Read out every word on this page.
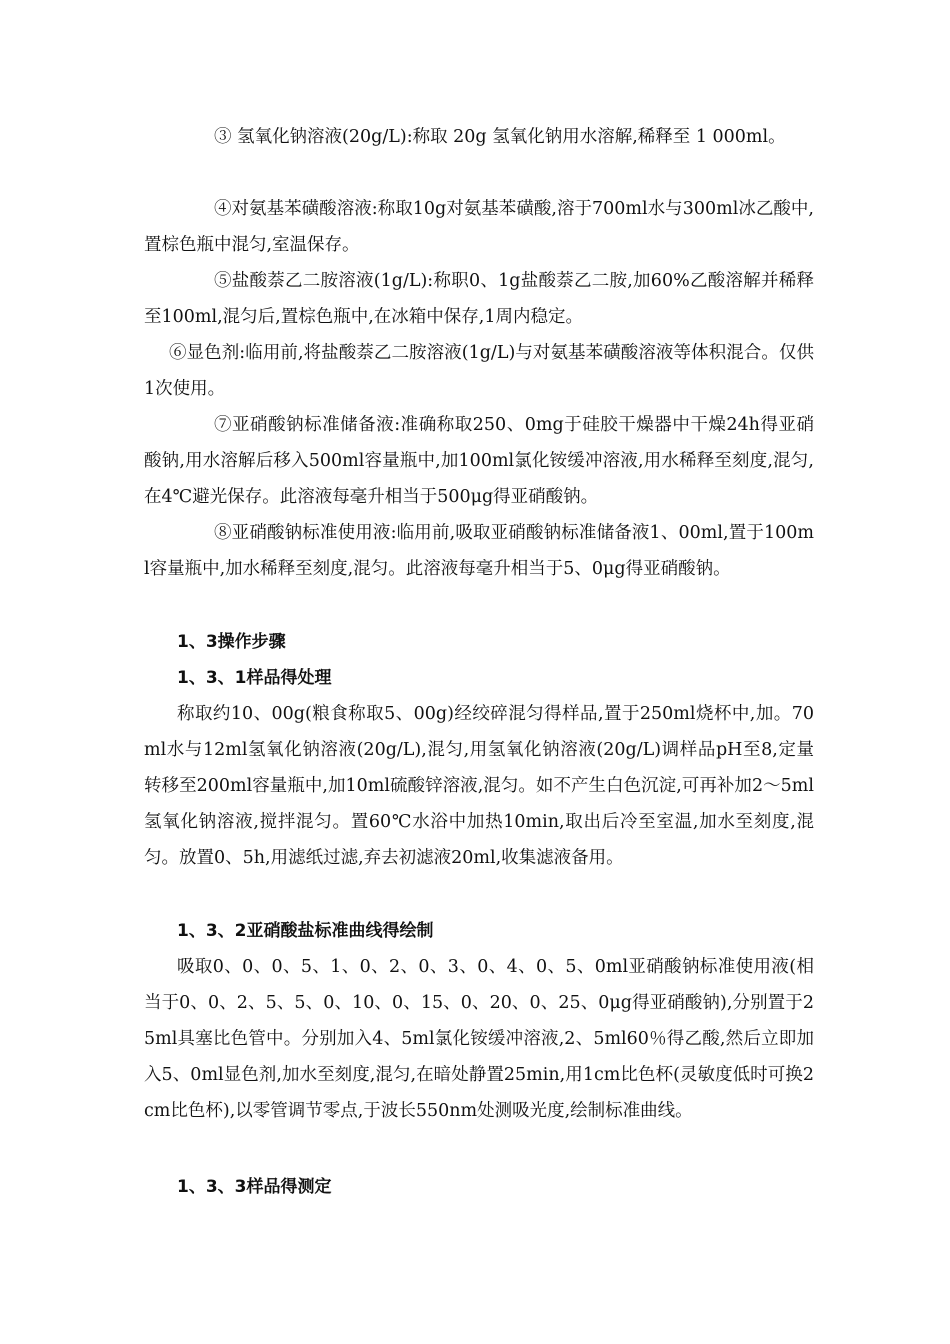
③ 氢氧化钠溶液(20g/L):称取 20g 氢氧化钠用水溶解,稀释至 1 000ml。

④对氨基苯磺酸溶液:称取10g对氨基苯磺酸,溶于700ml水与300ml冰乙酸中,置棕色瓶中混匀,室温保存。

⑤盐酸萘乙二胺溶液(1g/L):称职0、1g盐酸萘乙二胺,加60%乙酸溶解并稀释至100ml,混匀后,置棕色瓶中,在冰箱中保存,1周内稳定。

⑥显色剂:临用前,将盐酸萘乙二胺溶液(1g/L)与对氨基苯磺酸溶液等体积混合。仅供1次使用。

⑦亚硝酸钠标准储备液:准确称取250、0mg于硅胶干燥器中干燥24h得亚硝酸钠,用水溶解后移入500ml容量瓶中,加100ml氯化铵缓冲溶液,用水稀释至刻度,混匀,在4℃避光保存。此溶液每毫升相当于500μg得亚硝酸钠。

⑧亚硝酸钠标准使用液:临用前,吸取亚硝酸钠标准储备液1、00ml,置于100ml容量瓶中,加水稀释至刻度,混匀。此溶液每毫升相当于5、0μg得亚硝酸钠。

1、3操作步骤
1、3、1样品得处理

称取约10、00g(粮食称取5、00g)经绞碎混匀得样品,置于250ml烧杯中,加。70ml水与12ml氢氧化钠溶液(20g/L),混匀,用氢氧化钠溶液(20g/L)调样品pH至8,定量转移至200ml容量瓶中,加10ml硫酸锌溶液,混匀。如不产生白色沉淀,可再补加2～5ml氢氧化钠溶液,搅拌混匀。置60℃水浴中加热10min,取出后冷至室温,加水至刻度,混匀。放置0、5h,用滤纸过滤,弃去初滤液20ml,收集滤液备用。

1、3、2亚硝酸盐标准曲线得绘制

吸取0、0、0、5、1、0、2、0、3、0、4、0、5、0ml亚硝酸钠标准使用液(相当于0、0、2、5、5、0、10、0、15、0、20、0、25、0μg得亚硝酸钠),分别置于25ml具塞比色管中。分别加入4、5ml氯化铵缓冲溶液,2、5ml60％得乙酸,然后立即加入5、0ml显色剂,加水至刻度,混匀,在暗处静置25min,用1cm比色杯(灵敏度低时可换2cm比色杯),以零管调节零点,于波长550nm处测吸光度,绘制标准曲线。

1、3、3样品得测定
